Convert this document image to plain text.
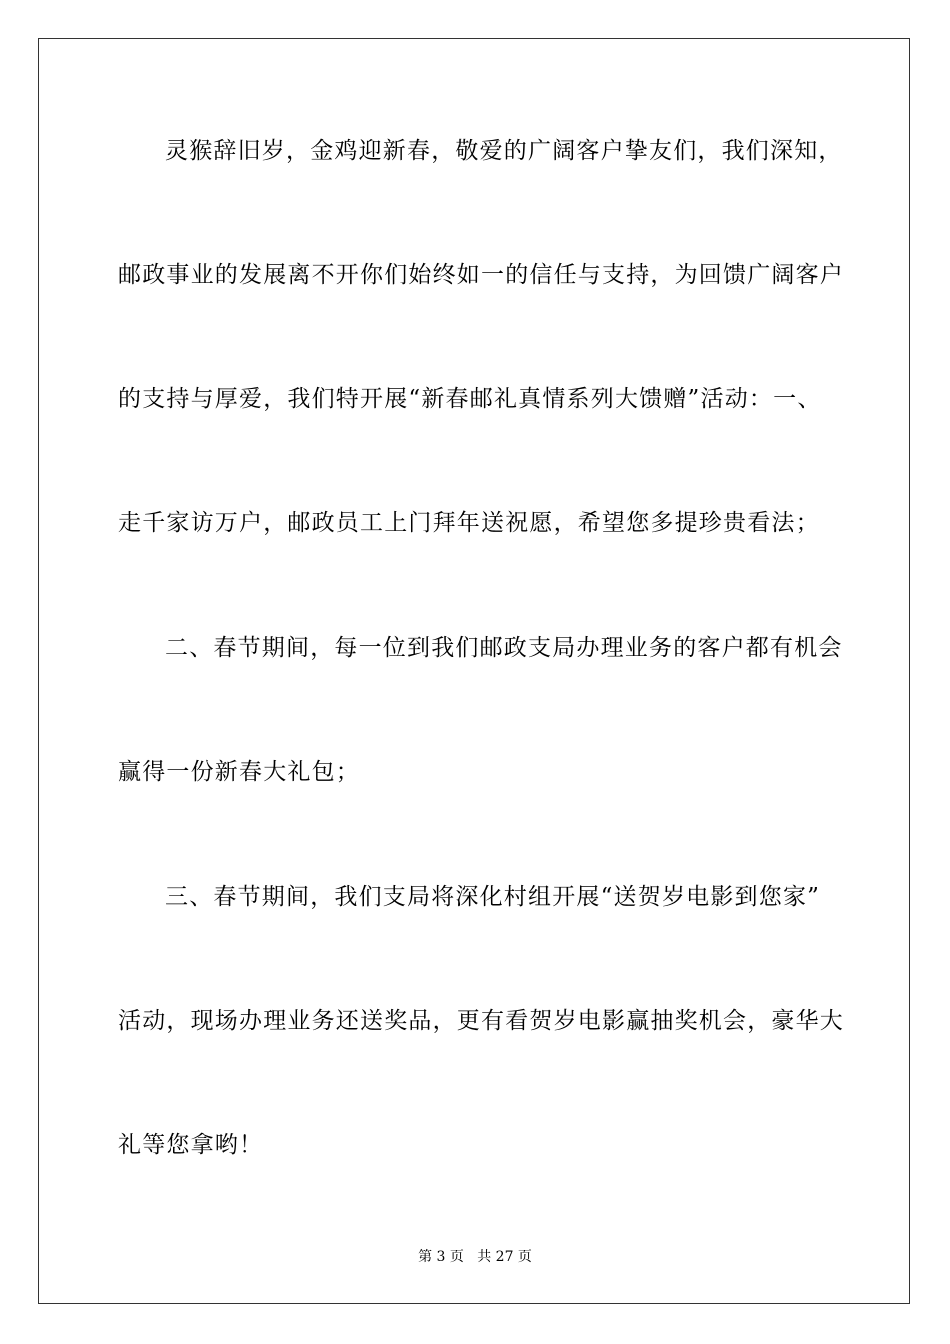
灵猴辞旧岁，金鸡迎新春，敬爱的广阔客户挚友们，我们深知，
邮政事业的发展离不开你们始终如一的信任与支持，为回馈广阔客户
的支持与厚爱，我们特开展“新春邮礼真情系列大馈赠”活动：一、
走千家访万户，邮政员工上门拜年送祝愿，希望您多提珍贵看法；
二、春节期间，每一位到我们邮政支局办理业务的客户都有机会
赢得一份新春大礼包；
三、春节期间，我们支局将深化村组开展“送贺岁电影到您家”
活动，现场办理业务还送奖品，更有看贺岁电影赢抽奖机会，豪华大
礼等您拿哟！
第 3 页   共 27 页
